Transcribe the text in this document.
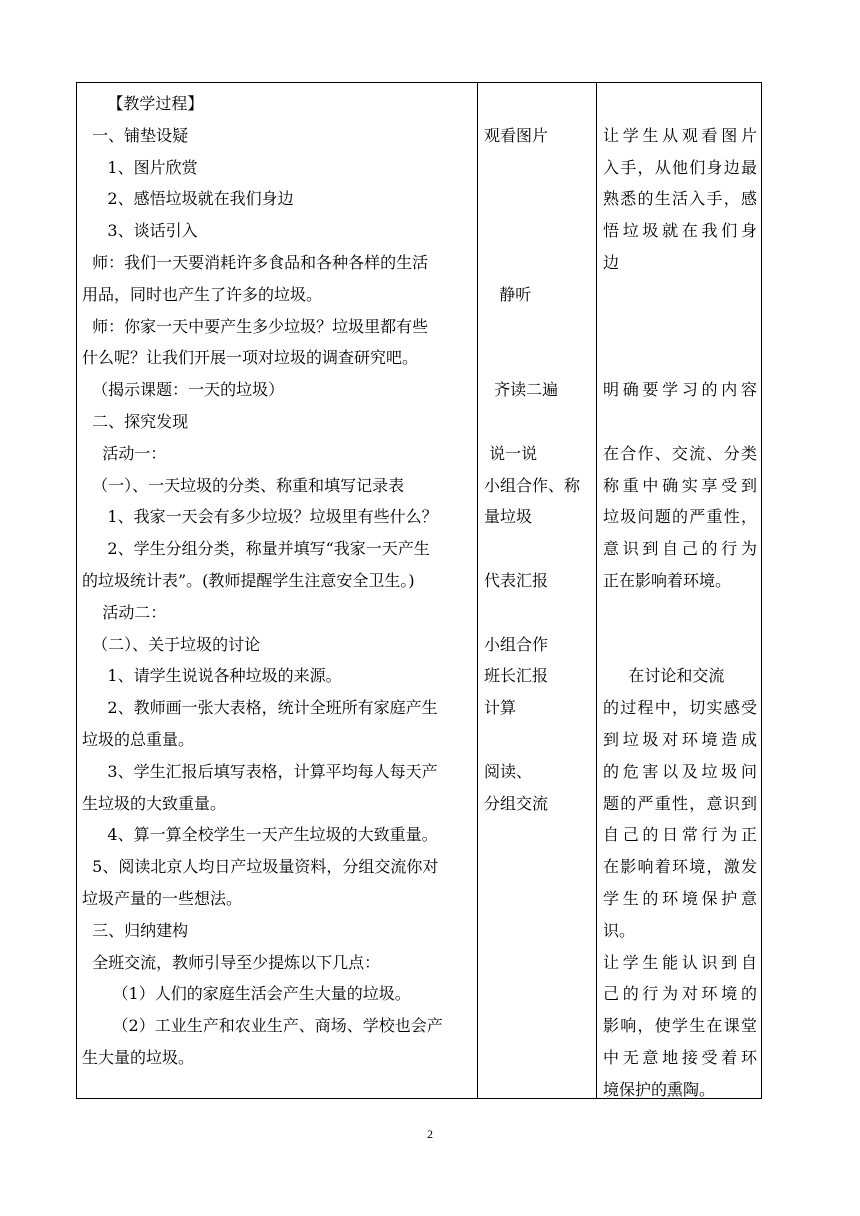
【教学过程】
一、铺垫设疑
1、图片欣赏
2、感悟垃圾就在我们身边
3、谈话引入
师：我们一天要消耗许多食品和各种各样的生活
用品，同时也产生了许多的垃圾。
师：你家一天中要产生多少垃圾？垃圾里都有些
什么呢？让我们开展一项对垃圾的调查研究吧。
（揭示课题：一天的垃圾）
二、探究发现
活动一：
（一）、一天垃圾的分类、称重和填写记录表
1、我家一天会有多少垃圾？垃圾里有些什么？
2、学生分组分类，称量并填写“我家一天产生
的垃圾统计表”。(教师提醒学生注意安全卫生。)
活动二：
（二）、关于垃圾的讨论
1、请学生说说各种垃圾的来源。
2、教师画一张大表格，统计全班所有家庭产生
垃圾的总重量。
3、学生汇报后填写表格，计算平均每人每天产
生垃圾的大致重量。
4、算一算全校学生一天产生垃圾的大致重量。
5、阅读北京人均日产垃圾量资料，分组交流你对
垃圾产量的一些想法。
三、归纳建构
全班交流，教师引导至少提炼以下几点：
（1）人们的家庭生活会产生大量的垃圾。
（2）工业生产和农业生产、商场、学校也会产
生大量的垃圾。
观看图片
静听
齐读二遍
说一说
小组合作、称
量垃圾
代表汇报
小组合作
班长汇报
计算
阅读、
分组交流
让学生从观看图片
入手，从他们身边最
熟悉的生活入手，感
悟垃圾就在我们身
边
明确要学习的内容
在合作、交流、分类
称重中确实享受到
垃圾问题的严重性，
意识到自己的行为
正在影响着环境。
在讨论和交流
的过程中，切实感受
到垃圾对环境造成
的危害以及垃圾问
题的严重性，意识到
自己的日常行为正
在影响着环境，激发
学生的环境保护意
识。
让学生能认识到自
己的行为对环境的
影响，使学生在课堂
中无意地接受着环
境保护的熏陶。
2
